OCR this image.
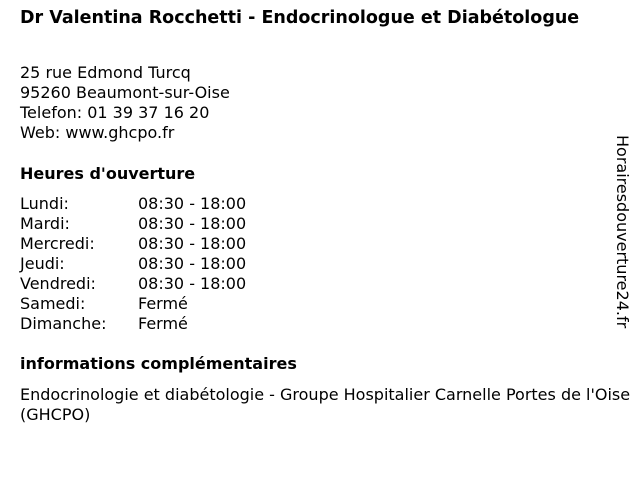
Dr Valentina Rocchetti - Endocrinologue et Diabétologue
25 rue Edmond Turcq
95260 Beaumont-sur-Oise
Telefon: 01 39 37 16 20
Web: www.ghcpo.fr
Heures d'ouverture
Lundi:	08:30 - 18:00
Mardi:	08:30 - 18:00
Mercredi:	08:30 - 18:00
Jeudi:	08:30 - 18:00
Vendredi:	08:30 - 18:00
Samedi:	Fermé
Dimanche:	Fermé
informations complémentaires
Endocrinologie et diabétologie - Groupe Hospitalier Carnelle Portes de l'Oise (GHCPO)
Horairesdouverture24.fr
